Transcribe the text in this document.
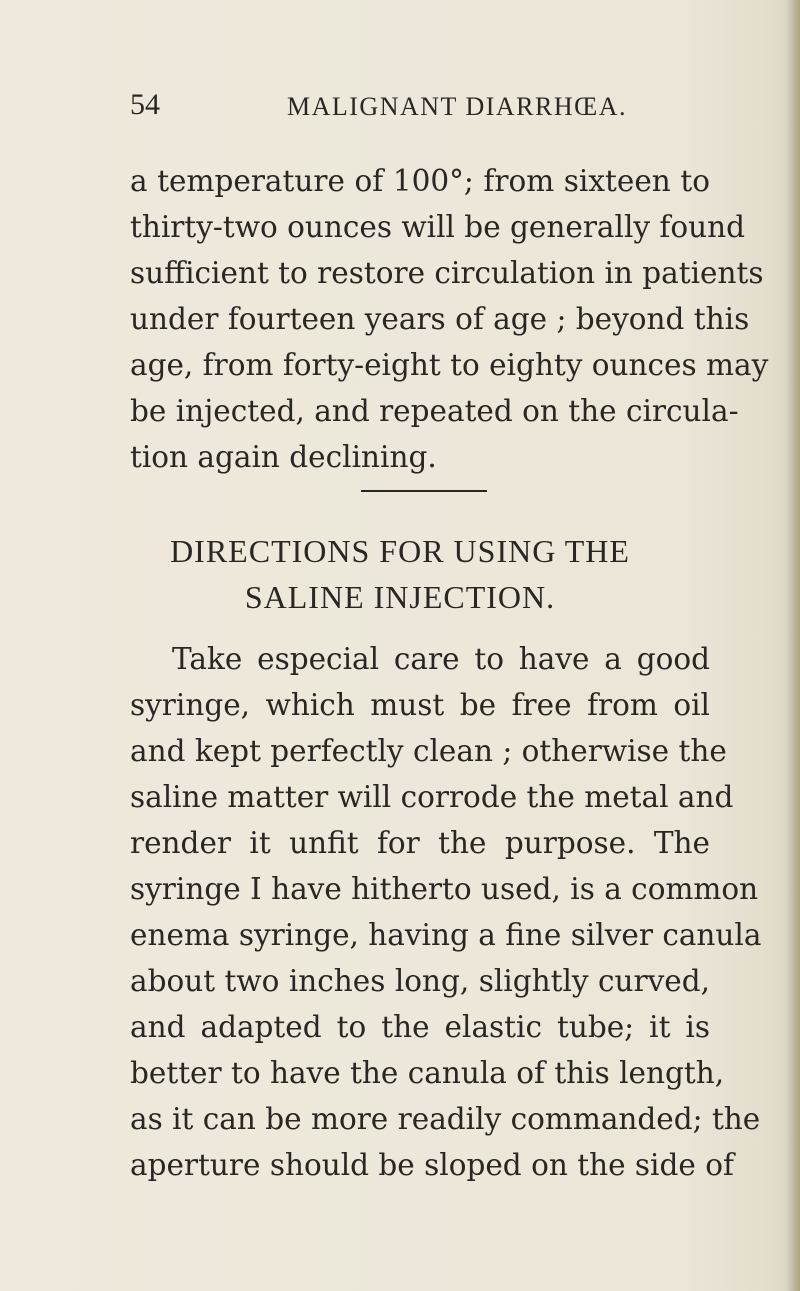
54	MALIGNANT DIARRHŒA.
a temperature of 100°; from sixteen to
thirty-two ounces will be generally found
sufficient to restore circulation in patients
under fourteen years of age ; beyond this
age, from forty-eight to eighty ounces may
be injected, and repeated on the circula-
tion again declining.
DIRECTIONS FOR USING THE
SALINE INJECTION.
Take especial care to have a good
syringe, which must be free from oil
and kept perfectly clean ; otherwise the
saline matter will corrode the metal and
render it unfit for the purpose. The
syringe I have hitherto used, is a common
enema syringe, having a fine silver canula
about two inches long, slightly curved,
and adapted to the elastic tube; it is
better to have the canula of this length,
as it can be more readily commanded; the
aperture should be sloped on the side of
